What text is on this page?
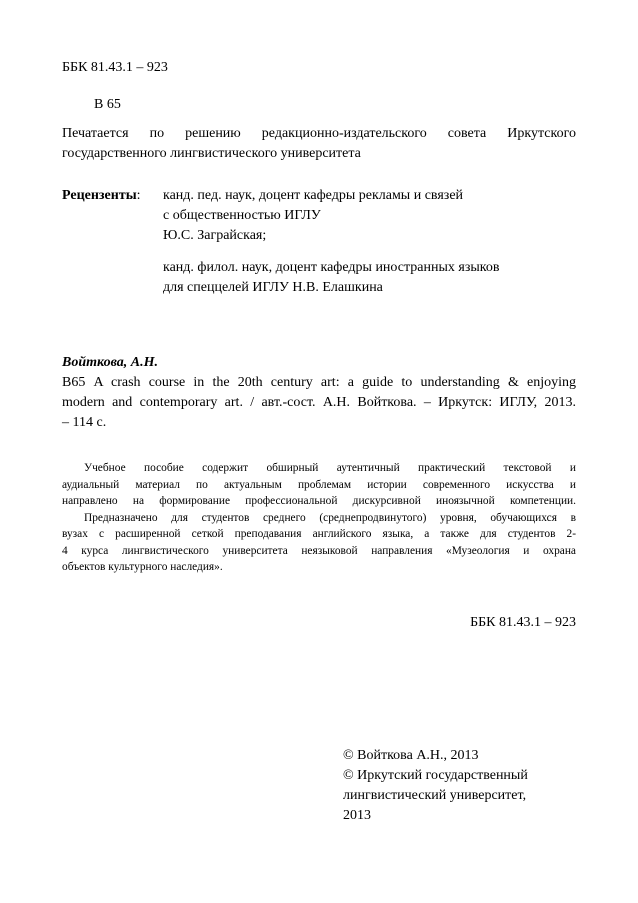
ББК 81.43.1 – 923
В 65
Печатается по решению редакционно-издательского совета Иркутского
государственного лингвистического университета
Рецензенты: канд. пед. наук, доцент кафедры рекламы и связей
с общественностью ИГЛУ
Ю.С. Заграйская;
канд. филол. наук, доцент кафедры иностранных языков
для спеццелей ИГЛУ Н.В. Елашкина
Войткова, А.Н.
В65 A crash course in the 20th century art: a guide to understanding & enjoying
modern and contemporary art. / авт.-сост. А.Н. Войткова. – Иркутск: ИГЛУ, 2013.
– 114 с.
Учебное пособие содержит обширный аутентичный практический текстовой и
аудиальный материал по актуальным проблемам истории современного искусства и
направлено на формирование профессиональной дискурсивной иноязычной компетенции.
Предназначено для студентов среднего (среднепродвинутого) уровня, обучающихся в
вузах с расширенной сеткой преподавания английского языка, а также для студентов 2-
4 курса лингвистического университета неязыковой направления «Музеология и охрана
объектов культурного наследия».
ББК 81.43.1 – 923
© Войткова А.Н., 2013
© Иркутский государственный
лингвистический университет,
2013
